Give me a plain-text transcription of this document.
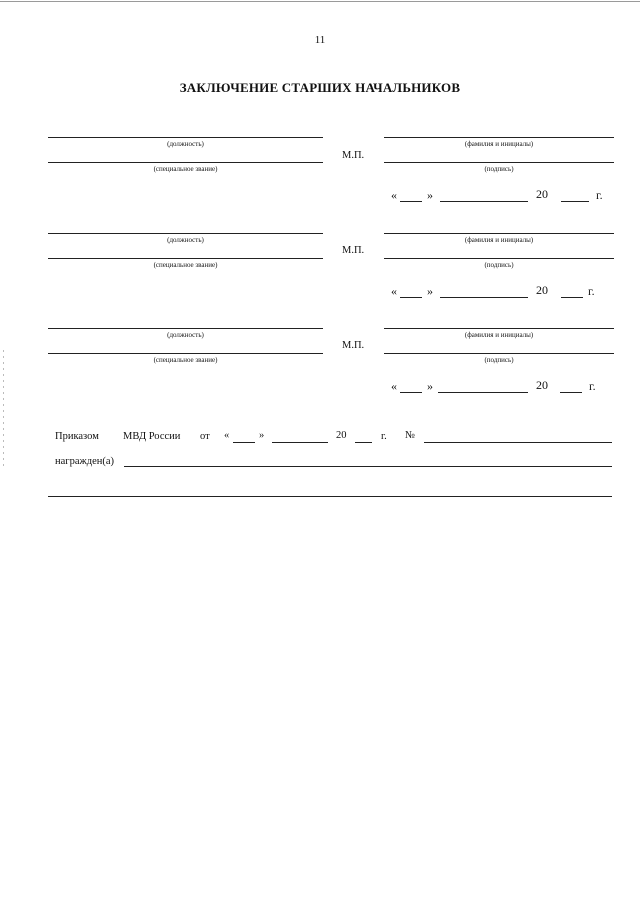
11
ЗАКЛЮЧЕНИЕ СТАРШИХ НАЧАЛЬНИКОВ
(должность)
(специальное звание)
М.П.
(фамилия и инициалы)
(подпись)
«	»	20	г.
(должность)
(специальное звание)
М.П.
(фамилия и инициалы)
(подпись)
«	»	20	г.
(должность)
(специальное звание)
М.П.
(фамилия и инициалы)
(подпись)
«	»	20	г.
Приказом МВД России от «	»	20	г. №
награжден(а)
